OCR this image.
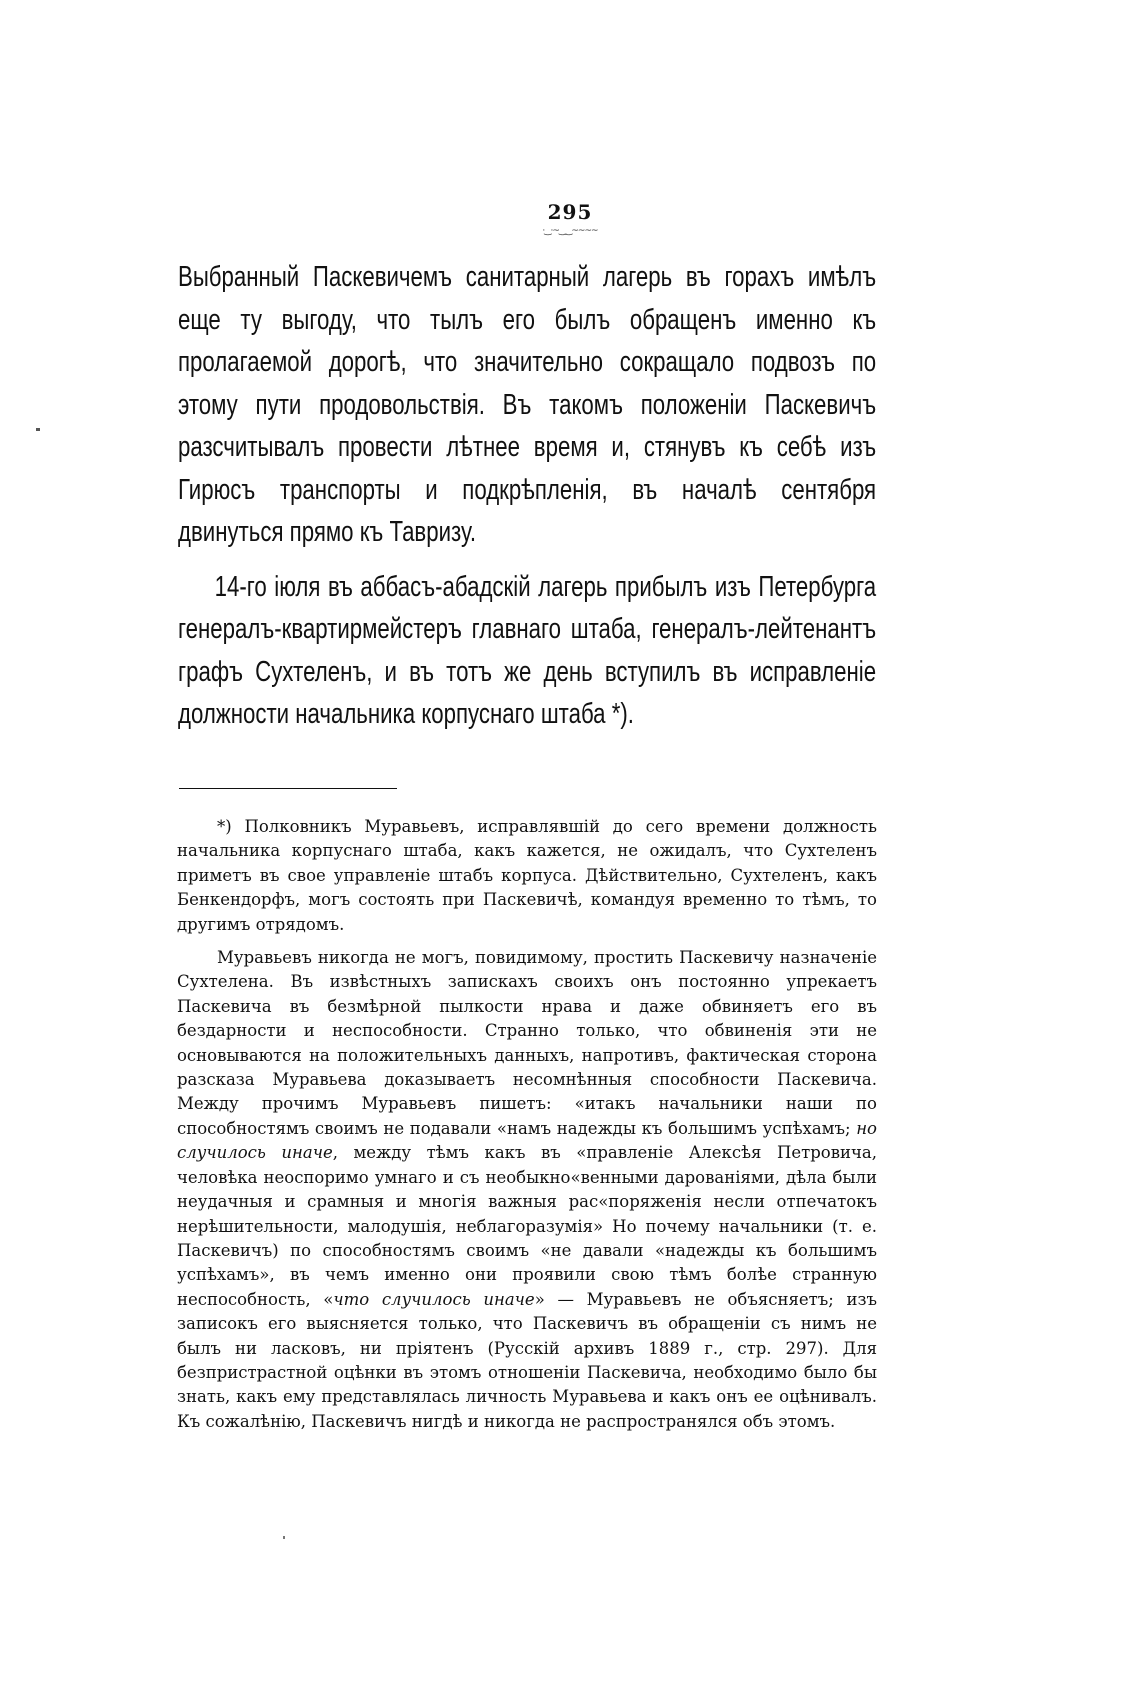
295
·‿·~‿‿~~~~

Выбранный Паскевичемъ санитарный лагерь въ горахъ имѣлъ еще ту выгоду, что тылъ его былъ обращенъ именно къ пролагаемой дорогѣ, что значительно сокращало подвозъ по этому пути продовольствія. Въ такомъ положеніи Паскевичъ разсчитывалъ провести лѣтнее время и, стянувъ къ себѣ изъ Гирюсъ транспорты и подкрѣпленія, въ началѣ сентября двинуться прямо къ Тавризу.

14-го іюля въ аббасъ-абадскій лагерь прибылъ изъ Петербурга генералъ-квартирмейстеръ главнаго штаба, генералъ-лейтенантъ графъ Сухтеленъ, и въ тотъ же день вступилъ въ исправленіе должности начальника корпуснаго штаба *).

*) Полковникъ Муравьевъ, исправлявшій до сего времени должность начальника корпуснаго штаба, какъ кажется, не ожидалъ, что Сухтеленъ приметъ въ свое управленіе штабъ корпуса. Дѣйствительно, Сухтеленъ, какъ Бенкендорфъ, могъ состоять при Паскевичѣ, командуя временно то тѣмъ, то другимъ отрядомъ.

Муравьевъ никогда не могъ, повидимому, простить Паскевичу назначеніе Сухтелена. Въ извѣстныхъ запискахъ своихъ онъ постоянно упрекаетъ Паскевича въ безмѣрной пылкости нрава и даже обвиняетъ его въ бездарности и неспособности. Странно только, что обвиненія эти не основываются на положительныхъ данныхъ, напротивъ, фактическая сторона разсказа Муравьева доказываетъ несомнѣнныя способности Паскевича. Между прочимъ Муравьевъ пишетъ: «итакъ начальники наши по способностямъ своимъ не подавали «намъ надежды къ большимъ успѣхамъ; но случилось иначе, между тѣмъ какъ въ «правленіе Алексѣя Петровича, человѣка неоспоримо умнаго и съ необыкно«венными дарованіями, дѣла были неудачныя и срамныя и многія важныя рас«поряженія несли отпечатокъ нерѣшительности, малодушія, неблагоразумія» Но почему начальники (т. е. Паскевичъ) по способностямъ своимъ «не давали «надежды къ большимъ успѣхамъ», въ чемъ именно они проявили свою тѣмъ болѣе странную неспособность, «что случилось иначе» — Муравьевъ не объясняетъ; изъ записокъ его выясняется только, что Паскевичъ въ обращеніи съ нимъ не былъ ни ласковъ, ни пріятенъ (Русскій архивъ 1889 г., стр. 297). Для безпристрастной оцѣнки въ этомъ отношеніи Паскевича, необходимо было бы знать, какъ ему представлялась личность Муравьева и какъ онъ ее оцѣнивалъ. Къ сожалѣнію, Паскевичъ нигдѣ и никогда не распространялся объ этомъ.
